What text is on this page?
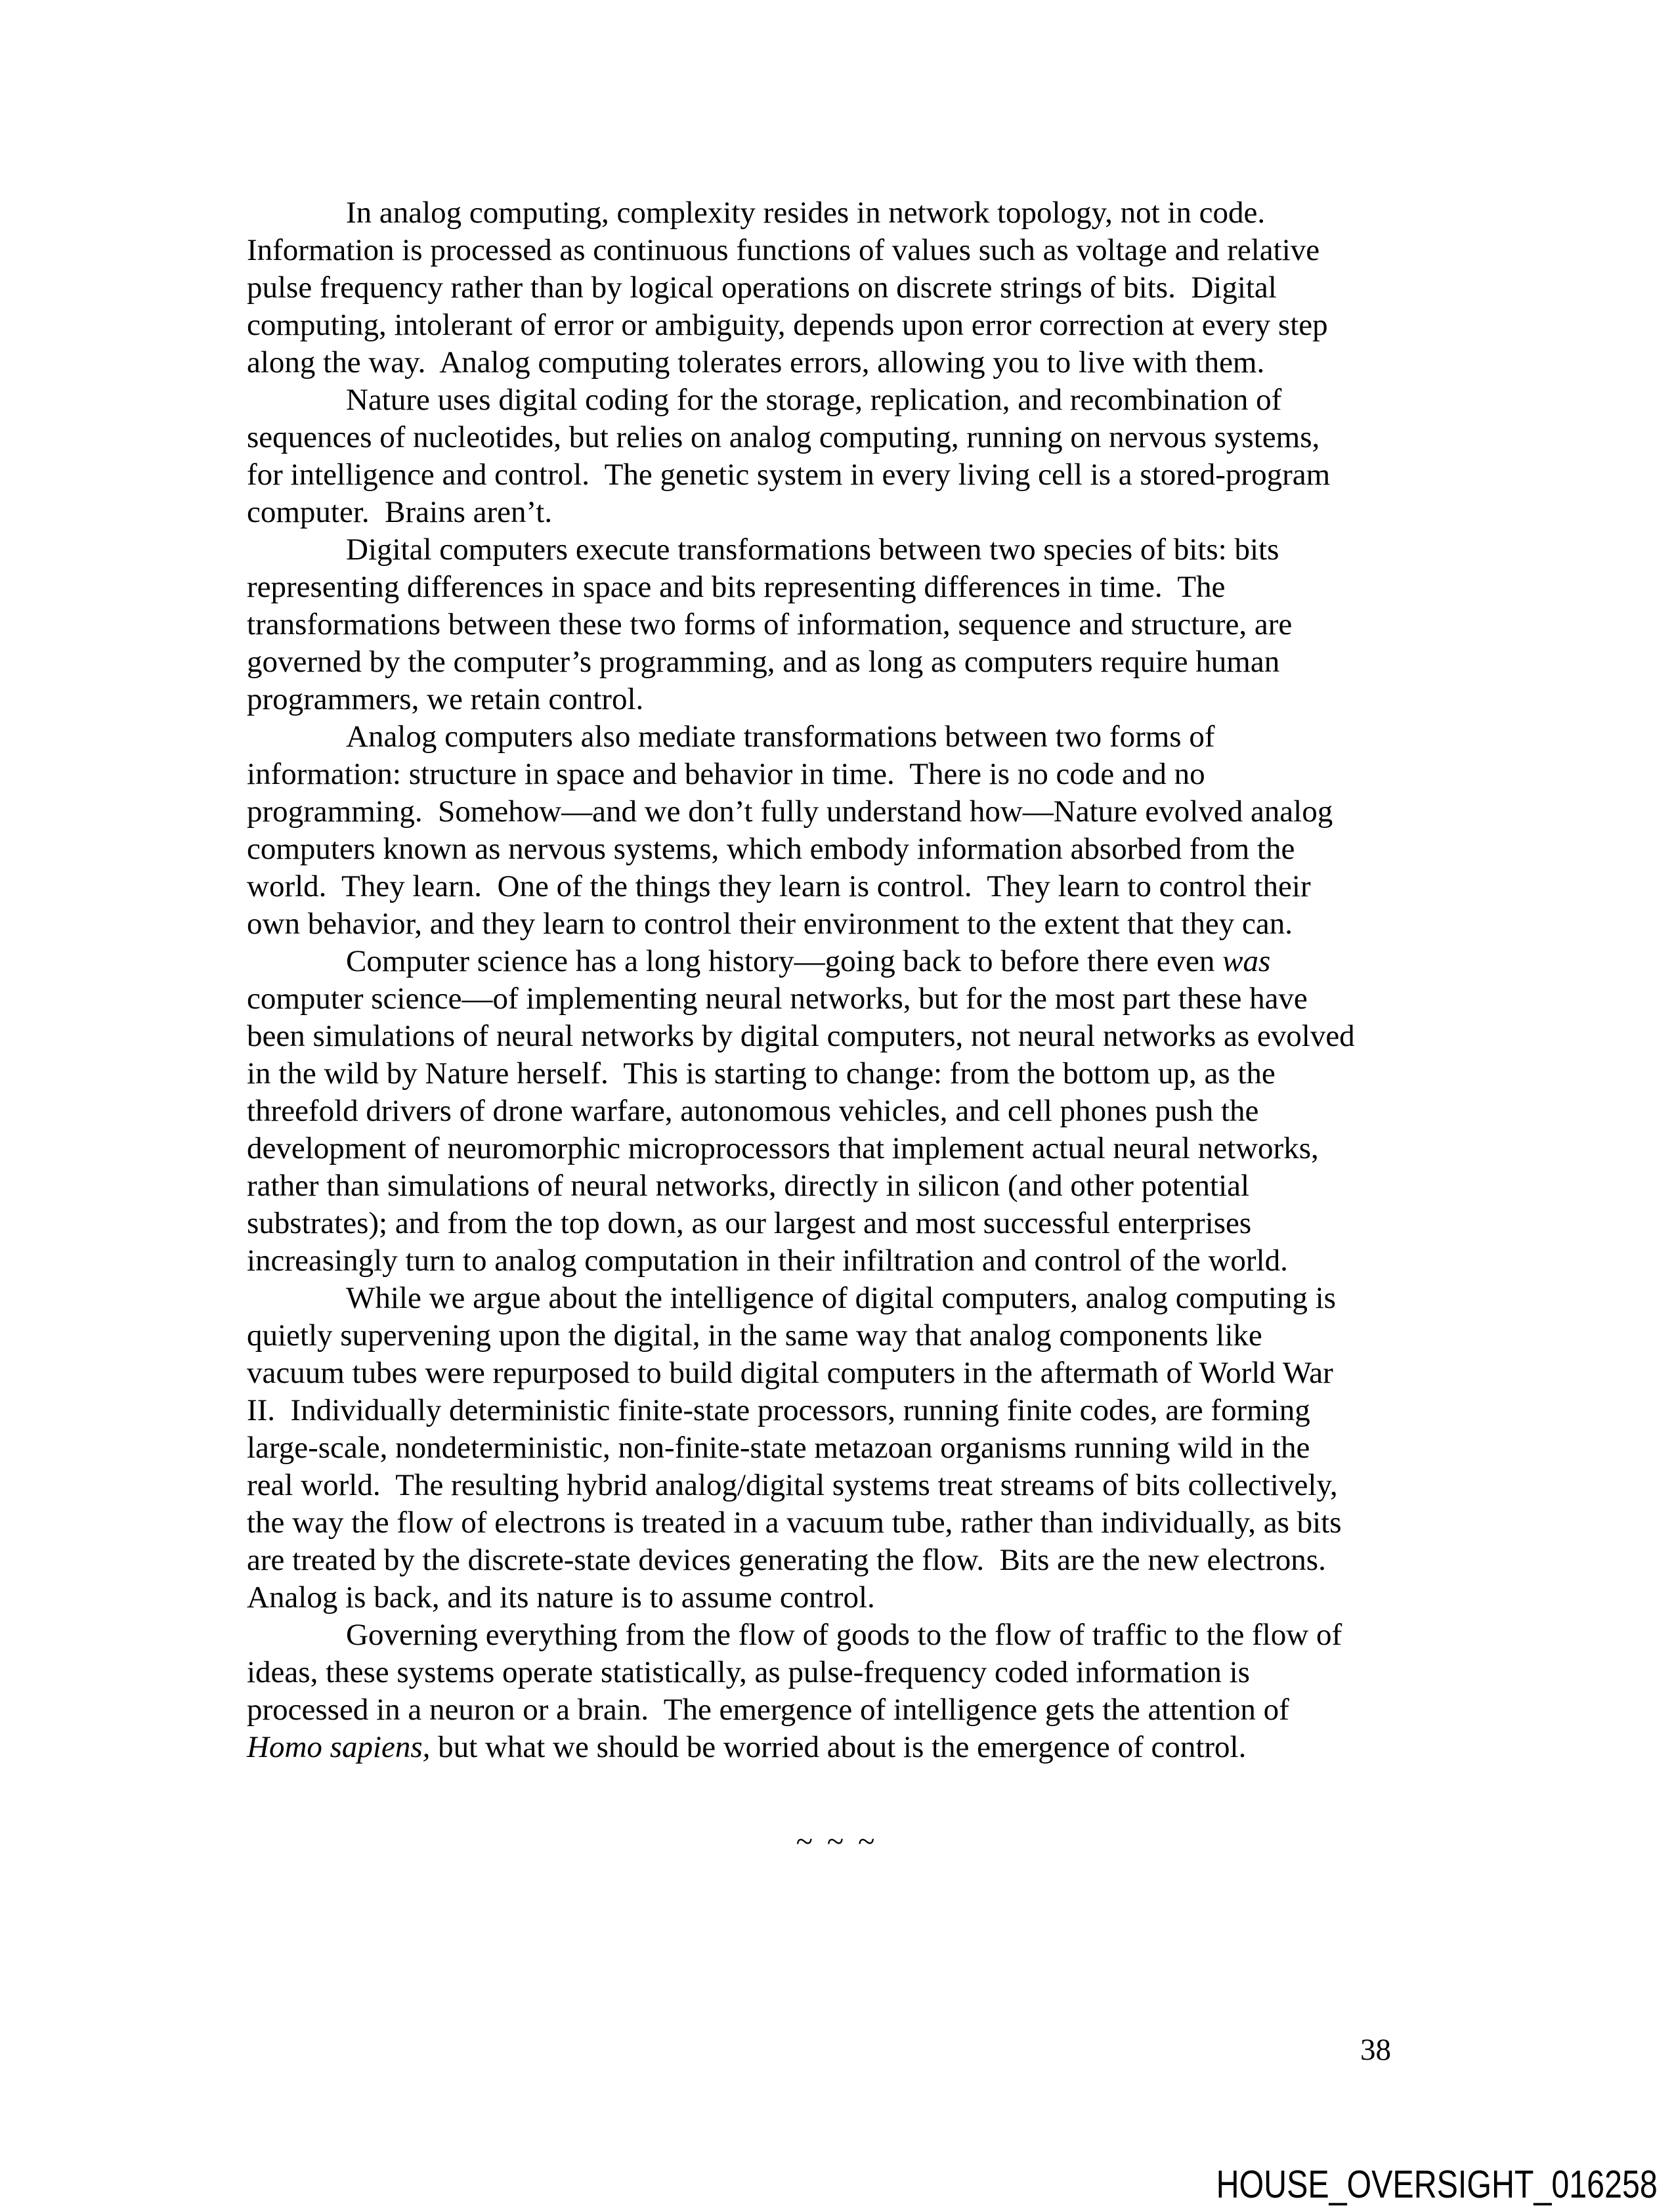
In analog computing, complexity resides in network topology, not in code.
Information is processed as continuous functions of values such as voltage and relative
pulse frequency rather than by logical operations on discrete strings of bits.  Digital
computing, intolerant of error or ambiguity, depends upon error correction at every step
along the way.  Analog computing tolerates errors, allowing you to live with them.
Nature uses digital coding for the storage, replication, and recombination of
sequences of nucleotides, but relies on analog computing, running on nervous systems,
for intelligence and control.  The genetic system in every living cell is a stored-program
computer.  Brains aren’t.
Digital computers execute transformations between two species of bits: bits
representing differences in space and bits representing differences in time.  The
transformations between these two forms of information, sequence and structure, are
governed by the computer’s programming, and as long as computers require human
programmers, we retain control.
Analog computers also mediate transformations between two forms of
information: structure in space and behavior in time.  There is no code and no
programming.  Somehow—and we don’t fully understand how—Nature evolved analog
computers known as nervous systems, which embody information absorbed from the
world.  They learn.  One of the things they learn is control.  They learn to control their
own behavior, and they learn to control their environment to the extent that they can.
Computer science has a long history—going back to before there even was
computer science—of implementing neural networks, but for the most part these have
been simulations of neural networks by digital computers, not neural networks as evolved
in the wild by Nature herself.  This is starting to change: from the bottom up, as the
threefold drivers of drone warfare, autonomous vehicles, and cell phones push the
development of neuromorphic microprocessors that implement actual neural networks,
rather than simulations of neural networks, directly in silicon (and other potential
substrates); and from the top down, as our largest and most successful enterprises
increasingly turn to analog computation in their infiltration and control of the world.
While we argue about the intelligence of digital computers, analog computing is
quietly supervening upon the digital, in the same way that analog components like
vacuum tubes were repurposed to build digital computers in the aftermath of World War
II.  Individually deterministic finite-state processors, running finite codes, are forming
large-scale, nondeterministic, non-finite-state metazoan organisms running wild in the
real world.  The resulting hybrid analog/digital systems treat streams of bits collectively,
the way the flow of electrons is treated in a vacuum tube, rather than individually, as bits
are treated by the discrete-state devices generating the flow.  Bits are the new electrons.
Analog is back, and its nature is to assume control.
Governing everything from the flow of goods to the flow of traffic to the flow of
ideas, these systems operate statistically, as pulse-frequency coded information is
processed in a neuron or a brain.  The emergence of intelligence gets the attention of
Homo sapiens, but what we should be worried about is the emergence of control.
~ ~ ~
38
HOUSE_OVERSIGHT_016258
